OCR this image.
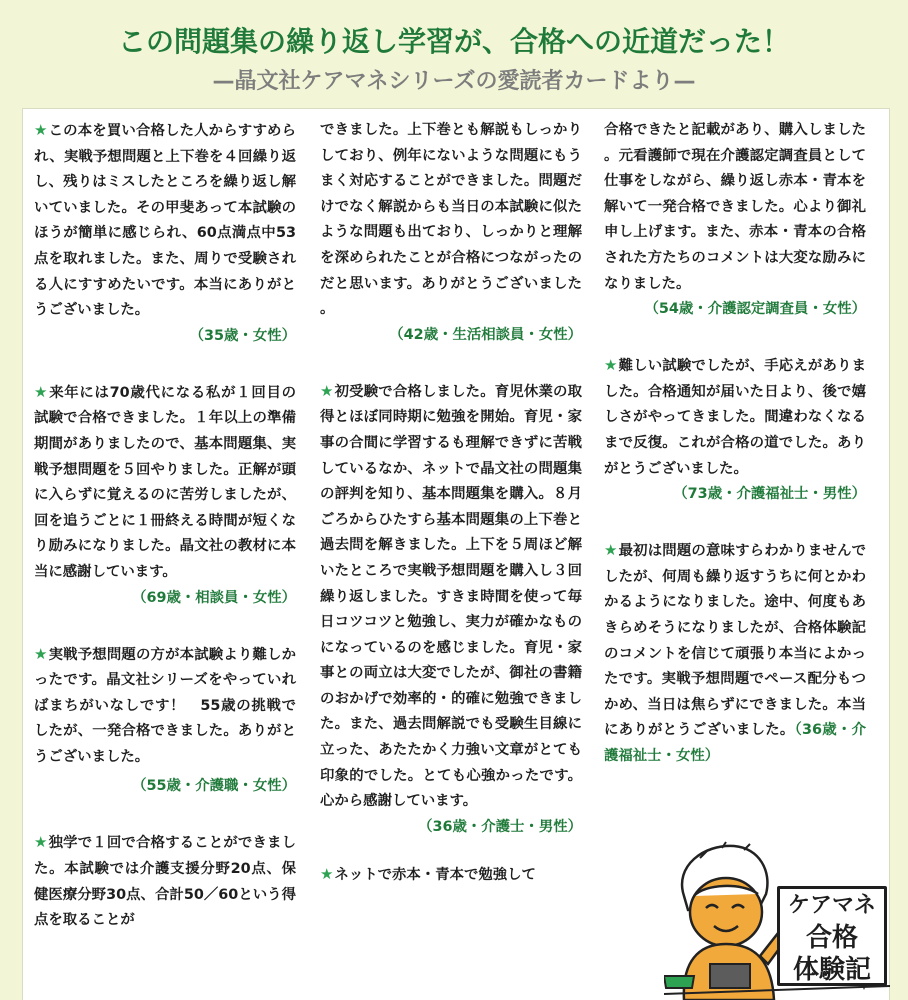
この問題集の繰り返し学習が、合格への近道だった！

—晶文社ケアマネシリーズの愛読者カードより—

★この本を買い合格した人からすすめられ、実戦予想問題と上下巻を４回繰り返し、残りはミスしたところを繰り返し解いていました。その甲斐あって本試験のほうが簡単に感じられ、60点満点中53点を取れました。また、周りで受験される人にすすめたいです。本当にありがとうございました。

（35歳・女性）

★来年には70歳代になる私が１回目の試験で合格できました。１年以上の準備期間がありましたので、基本問題集、実戦予想問題を５回やりました。正解が頭に入らずに覚えるのに苦労しましたが、回を追うごとに１冊終える時間が短くなり励みになりました。晶文社の教材に本当に感謝しています。

（69歳・相談員・女性）

★実戦予想問題の方が本試験より難しかったです。晶文社シリーズをやっていればまちがいなしです！　55歳の挑戦でしたが、一発合格できました。ありがとうございました。

（55歳・介護職・女性）

★独学で１回で合格することができました。本試験では介護支援分野20点、保健医療分野30点、合計50／60という得点を取ることが

できました。上下巻とも解説もしっかりしており、例年にないような問題にもうまく対応することができました。問題だけでなく解説からも当日の本試験に似たような問題も出ており、しっかりと理解を深められたことが合格につながったのだと思います。ありがとうございました。

（42歳・生活相談員・女性）

★初受験で合格しました。育児休業の取得とほぼ同時期に勉強を開始。育児・家事の合間に学習するも理解できずに苦戦しているなか、ネットで晶文社の問題集の評判を知り、基本問題集を購入。８月ごろからひたすら基本問題集の上下巻と過去問を解きました。上下を５周ほど解いたところで実戦予想問題を購入し３回繰り返しました。すきま時間を使って毎日コツコツと勉強し、実力が確かなものになっているのを感じました。育児・家事との両立は大変でしたが、御社の書籍のおかげで効率的・的確に勉強できました。また、過去問解説でも受験生目線に立った、あたたかく力強い文章がとても印象的でした。とても心強かったです。心から感謝しています。

（36歳・介護士・男性）

★ネットで赤本・青本で勉強して

合格できたと記載があり、購入しました。元看護師で現在介護認定調査員として仕事をしながら、繰り返し赤本・青本を解いて一発合格できました。心より御礼申し上げます。また、赤本・青本の合格された方たちのコメントは大変な励みになりました。

（54歳・介護認定調査員・女性）

★難しい試験でしたが、手応えがありました。合格通知が届いた日より、後で嬉しさがやってきました。間違わなくなるまで反復。これが合格の道でした。ありがとうございました。

（73歳・介護福祉士・男性）

★最初は問題の意味すらわかりませんでしたが、何周も繰り返すうちに何とかわかるようになりました。途中、何度もあきらめそうになりましたが、合格体験記のコメントを信じて頑張り本当によかったです。実戦予想問題でペース配分もつかめ、当日は焦らずにできました。本当にありがとうございました。（36歳・介護福祉士・女性）

ケアマネ

合格

体験記
